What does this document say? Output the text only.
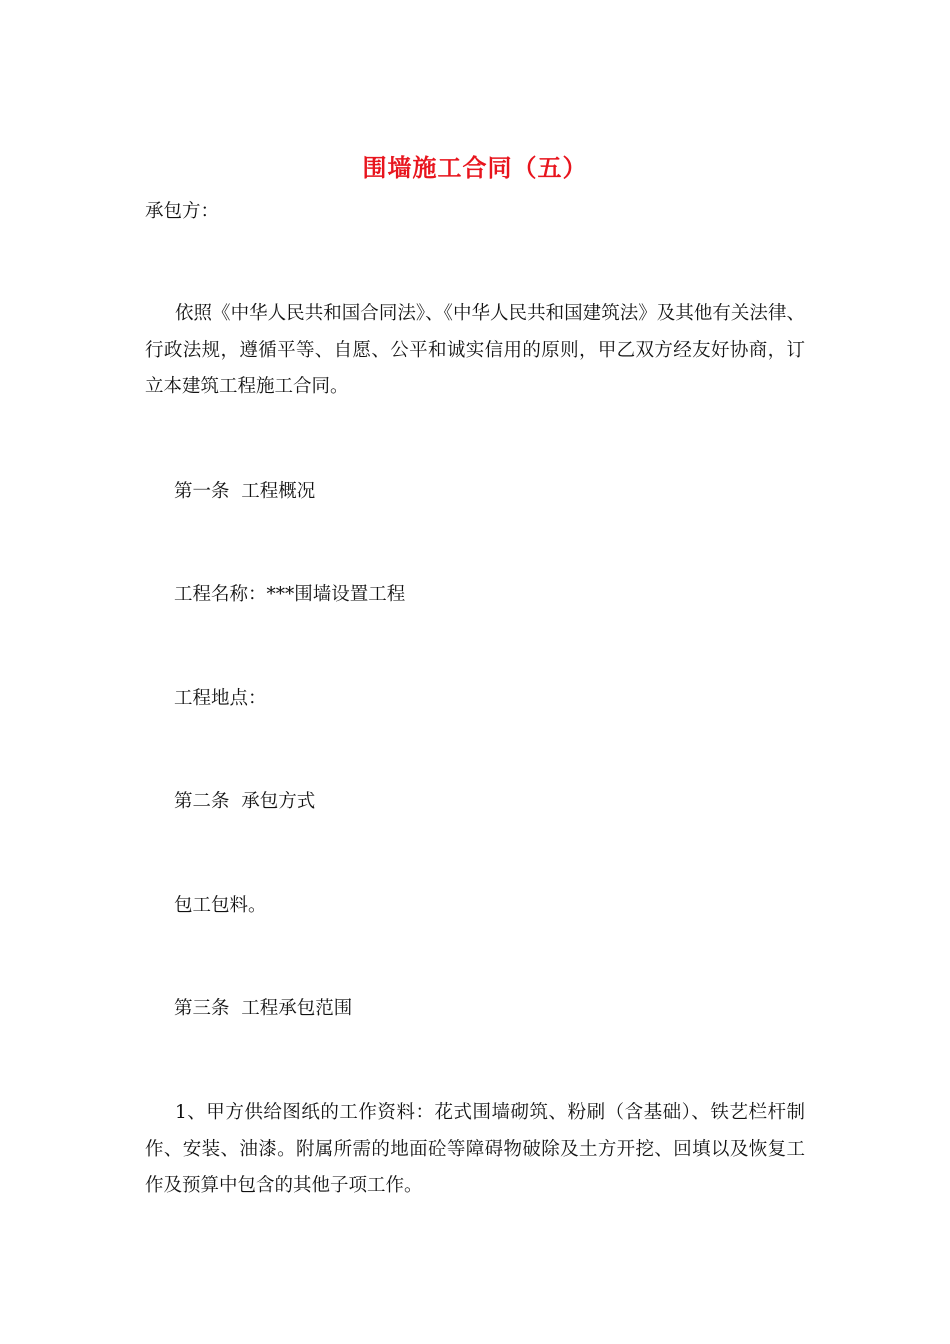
围墙施工合同（五）
承包方：
依照《中华人民共和国合同法》、《中华人民共和国建筑法》及其他有关法律、行政法规，遵循平等、自愿、公平和诚实信用的原则，甲乙双方经友好协商，订立本建筑工程施工合同。
第一条  工程概况
工程名称：***围墙设置工程
工程地点：
第二条  承包方式
包工包料。
第三条  工程承包范围
1、甲方供给图纸的工作资料：花式围墙砌筑、粉刷（含基础）、铁艺栏杆制作、安装、油漆。附属所需的地面砼等障碍物破除及土方开挖、回填以及恢复工作及预算中包含的其他子项工作。
